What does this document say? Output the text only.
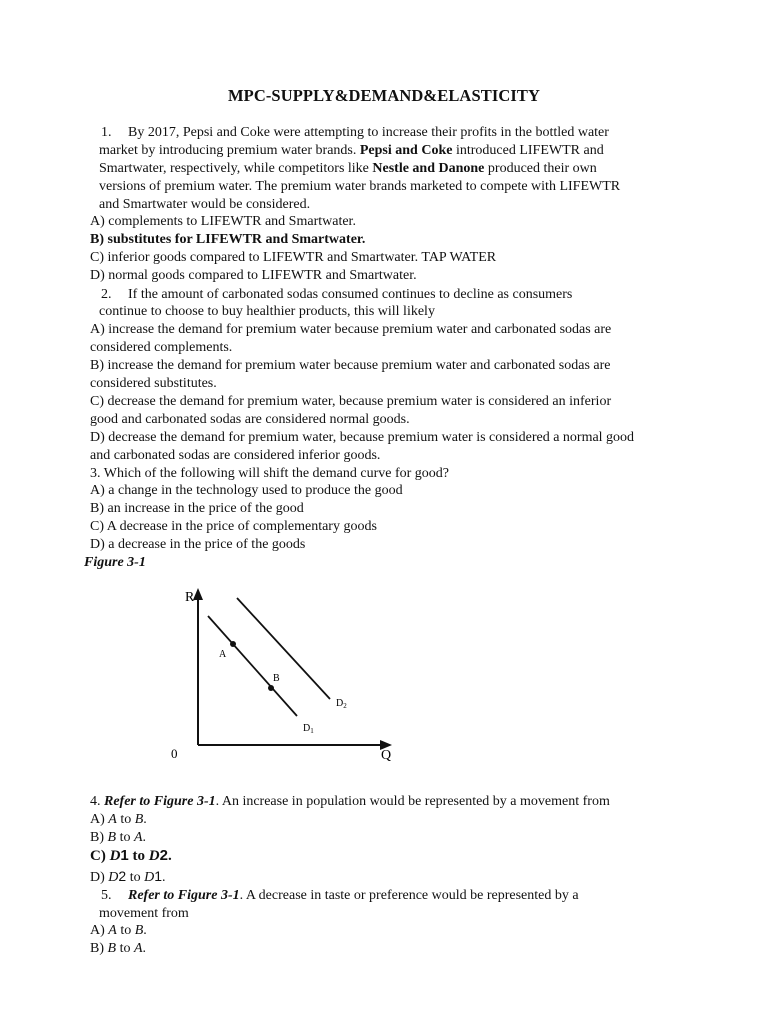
MPC-SUPPLY&DEMAND&ELASTICITY
1. By 2017, Pepsi and Coke were attempting to increase their profits in the bottled water
market by introducing premium water brands. Pepsi and Coke introduced LIFEWTR and
Smartwater, respectively, while competitors like Nestle and Danone produced their own
versions of premium water. The premium water brands marketed to compete with LIFEWTR
and Smartwater would be considered.
A) complements to LIFEWTR and Smartwater.
B) substitutes for LIFEWTR and Smartwater.
C) inferior goods compared to LIFEWTR and Smartwater. TAP WATER
D) normal goods compared to LIFEWTR and Smartwater.
2. If the amount of carbonated sodas consumed continues to decline as consumers
continue to choose to buy healthier products, this will likely
A) increase the demand for premium water because premium water and carbonated sodas are
considered complements.
B) increase the demand for premium water because premium water and carbonated sodas are
considered substitutes.
C) decrease the demand for premium water, because premium water is considered an inferior
good and carbonated sodas are considered normal goods.
D) decrease the demand for premium water, because premium water is considered a normal good
and carbonated sodas are considered inferior goods.
3. Which of the following will shift the demand curve for good?
A) a change in the technology used to produce the good
B) an increase in the price of the good
C) A decrease in the price of complementary goods
D) a decrease in the price of the goods
Figure 3-1
R
Q
0
A
B
$D_1$
$D_2$
4. Refer to Figure 3-1. An increase in population would be represented by a movement from
A) A to B.
B) B to A.
C) D1 to D2.
D) D2 to D1.
5. Refer to Figure 3-1. A decrease in taste or preference would be represented by a
movement from
A) A to B.
B) B to A.
